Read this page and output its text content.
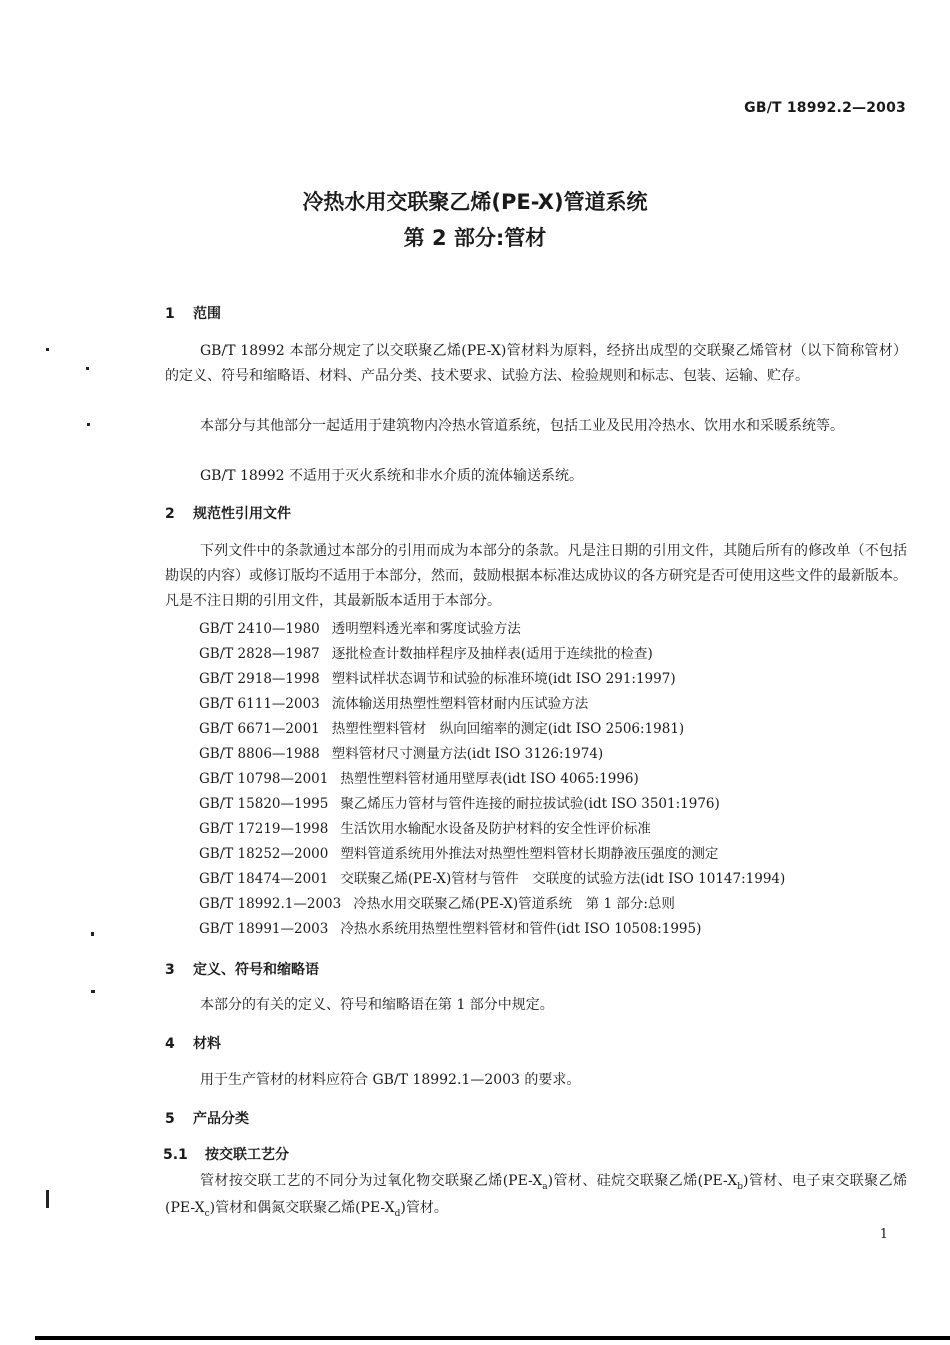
GB/T 18992.2—2003
冷热水用交联聚乙烯(PE-X)管道系统
第 2 部分:管材
1 范围
GB/T 18992 本部分规定了以交联聚乙烯(PE-X)管材料为原料，经挤出成型的交联聚乙烯管材（以下简称管材）的定义、符号和缩略语、材料、产品分类、技术要求、试验方法、检验规则和标志、包装、运输、贮存。
本部分与其他部分一起适用于建筑物内冷热水管道系统，包括工业及民用冷热水、饮用水和采暖系统等。
GB/T 18992 不适用于灭火系统和非水介质的流体输送系统。
2 规范性引用文件
下列文件中的条款通过本部分的引用而成为本部分的条款。凡是注日期的引用文件，其随后所有的修改单（不包括勘误的内容）或修订版均不适用于本部分，然而，鼓励根据本标准达成协议的各方研究是否可使用这些文件的最新版本。凡是不注日期的引用文件，其最新版本适用于本部分。
GB/T 2410—1980 透明塑料透光率和雾度试验方法
GB/T 2828—1987 逐批检查计数抽样程序及抽样表(适用于连续批的检查)
GB/T 2918—1998 塑料试样状态调节和试验的标准环境(idt ISO 291:1997)
GB/T 6111—2003 流体输送用热塑性塑料管材耐内压试验方法
GB/T 6671—2001 热塑性塑料管材　纵向回缩率的测定(idt ISO 2506:1981)
GB/T 8806—1988 塑料管材尺寸测量方法(idt ISO 3126:1974)
GB/T 10798—2001 热塑性塑料管材通用壁厚表(idt ISO 4065:1996)
GB/T 15820—1995 聚乙烯压力管材与管件连接的耐拉拔试验(idt ISO 3501:1976)
GB/T 17219—1998 生活饮用水输配水设备及防护材料的安全性评价标准
GB/T 18252—2000 塑料管道系统用外推法对热塑性塑料管材长期静液压强度的测定
GB/T 18474—2001 交联聚乙烯(PE-X)管材与管件　交联度的试验方法(idt ISO 10147:1994)
GB/T 18992.1—2003 冷热水用交联聚乙烯(PE-X)管道系统　第 1 部分:总则
GB/T 18991—2003 冷热水系统用热塑性塑料管材和管件(idt ISO 10508:1995)
3 定义、符号和缩略语
本部分的有关的定义、符号和缩略语在第 1 部分中规定。
4 材料
用于生产管材的材料应符合 GB/T 18992.1—2003 的要求。
5 产品分类
5.1 按交联工艺分
管材按交联工艺的不同分为过氧化物交联聚乙烯$(PE-X_a)$管材、硅烷交联聚乙烯$(PE-X_b)$管材、电子束交联聚乙烯$(PE-X_c)$管材和偶氮交联聚乙烯$(PE-X_d)$管材。
1
